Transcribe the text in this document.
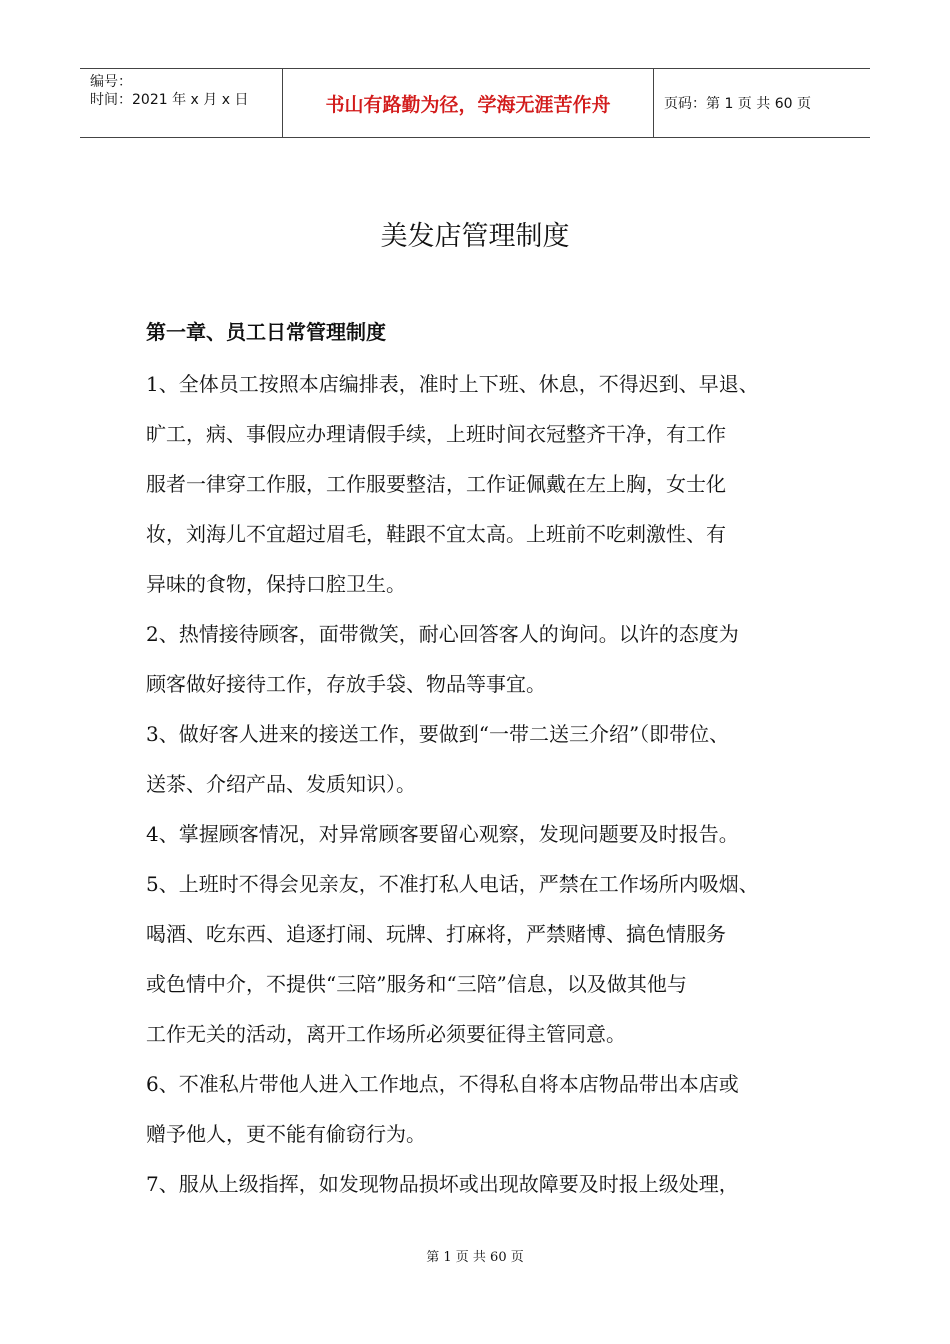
编号：
时间：2021 年 x 月 x 日	书山有路勤为径，学海无涯苦作舟	页码：第 1 页 共 60 页
美发店管理制度
第一章、员工日常管理制度
1、全体员工按照本店编排表，准时上下班、休息，不得迟到、早退、
旷工，病、事假应办理请假手续，上班时间衣冠整齐干净，有工作
服者一律穿工作服，工作服要整洁，工作证佩戴在左上胸，女士化
妆，刘海儿不宜超过眉毛，鞋跟不宜太高。上班前不吃刺激性、有
异味的食物，保持口腔卫生。
2、热情接待顾客，面带微笑，耐心回答客人的询问。以许的态度为
顾客做好接待工作，存放手袋、物品等事宜。
3、做好客人进来的接送工作，要做到“一带二送三介绍”（即带位、
送茶、介绍产品、发质知识）。
4、掌握顾客情况，对异常顾客要留心观察，发现问题要及时报告。
5、上班时不得会见亲友，不准打私人电话，严禁在工作场所内吸烟、
喝酒、吃东西、追逐打闹、玩牌、打麻将，严禁赌博、搞色情服务
或色情中介，不提供“三陪”服务和“三陪”信息，以及做其他与
工作无关的活动，离开工作场所必须要征得主管同意。
6、不准私片带他人进入工作地点，不得私自将本店物品带出本店或
赠予他人，更不能有偷窃行为。
7、服从上级指挥，如发现物品损坏或出现故障要及时报上级处理，
第 1 页 共 60 页
